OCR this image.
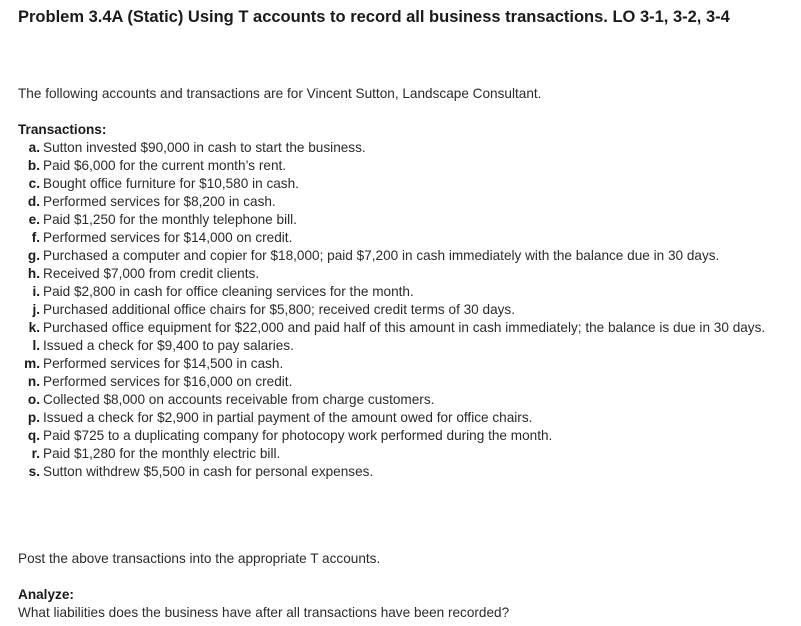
Problem 3.4A (Static) Using T accounts to record all business transactions. LO 3-1, 3-2, 3-4

The following accounts and transactions are for Vincent Sutton, Landscape Consultant.

Transactions:

a. Sutton invested $90,000 in cash to start the business.
b. Paid $6,000 for the current month’s rent.
c. Bought office furniture for $10,580 in cash.
d. Performed services for $8,200 in cash.
e. Paid $1,250 for the monthly telephone bill.
f. Performed services for $14,000 on credit.
g. Purchased a computer and copier for $18,000; paid $7,200 in cash immediately with the balance due in 30 days.
h. Received $7,000 from credit clients.
i. Paid $2,800 in cash for office cleaning services for the month.
j. Purchased additional office chairs for $5,800; received credit terms of 30 days.
k. Purchased office equipment for $22,000 and paid half of this amount in cash immediately; the balance is due in 30 days.
l. Issued a check for $9,400 to pay salaries.
m. Performed services for $14,500 in cash.
n. Performed services for $16,000 on credit.
o. Collected $8,000 on accounts receivable from charge customers.
p. Issued a check for $2,900 in partial payment of the amount owed for office chairs.
q. Paid $725 to a duplicating company for photocopy work performed during the month.
r. Paid $1,280 for the monthly electric bill.
s. Sutton withdrew $5,500 in cash for personal expenses.

Post the above transactions into the appropriate T accounts.

Analyze:

What liabilities does the business have after all transactions have been recorded?
